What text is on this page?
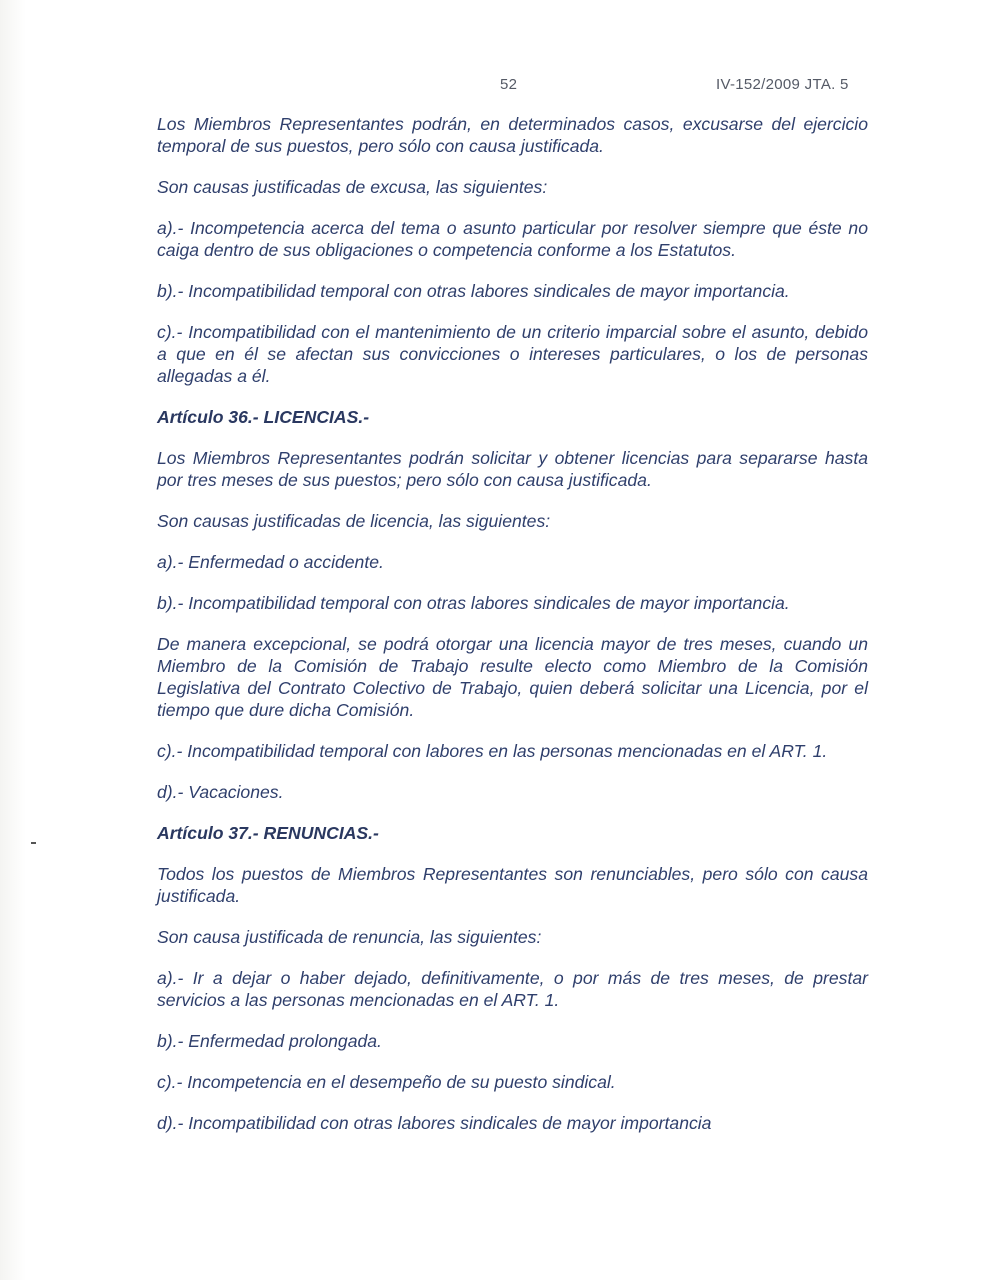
52	IV-152/2009 JTA. 5

Los Miembros Representantes podrán, en determinados casos, excusarse del ejercicio temporal de sus puestos, pero sólo con causa justificada.

Son causas justificadas de excusa, las siguientes:

a).- Incompetencia acerca del tema o asunto particular por resolver siempre que éste no caiga dentro de sus obligaciones o competencia conforme a los Estatutos.

b).- Incompatibilidad temporal con otras labores sindicales de mayor importancia.

c).- Incompatibilidad con el mantenimiento de un criterio imparcial sobre el asunto, debido a que en él se afectan sus convicciones o intereses particulares, o los de personas allegadas a él.

Artículo 36.- LICENCIAS.-

Los Miembros Representantes podrán solicitar y obtener licencias para separarse hasta por tres meses de sus puestos; pero sólo con causa justificada.

Son causas justificadas de licencia, las siguientes:

a).- Enfermedad o accidente.

b).- Incompatibilidad temporal con otras labores sindicales de mayor importancia.

De manera excepcional, se podrá otorgar una licencia mayor de tres meses, cuando un Miembro de la Comisión de Trabajo resulte electo como Miembro de la Comisión Legislativa del Contrato Colectivo de Trabajo, quien deberá solicitar una Licencia, por el tiempo que dure dicha Comisión.

c).- Incompatibilidad temporal con labores en las personas mencionadas en el ART. 1.

d).- Vacaciones.

Artículo 37.- RENUNCIAS.-

Todos los puestos de Miembros Representantes son renunciables, pero sólo con causa justificada.

Son causa justificada de renuncia, las siguientes:

a).- Ir a dejar o haber dejado, definitivamente, o por más de tres meses, de prestar servicios a las personas mencionadas en el ART. 1.

b).- Enfermedad prolongada.

c).- Incompetencia en el desempeño de su puesto sindical.

d).- Incompatibilidad con otras labores sindicales de mayor importancia
